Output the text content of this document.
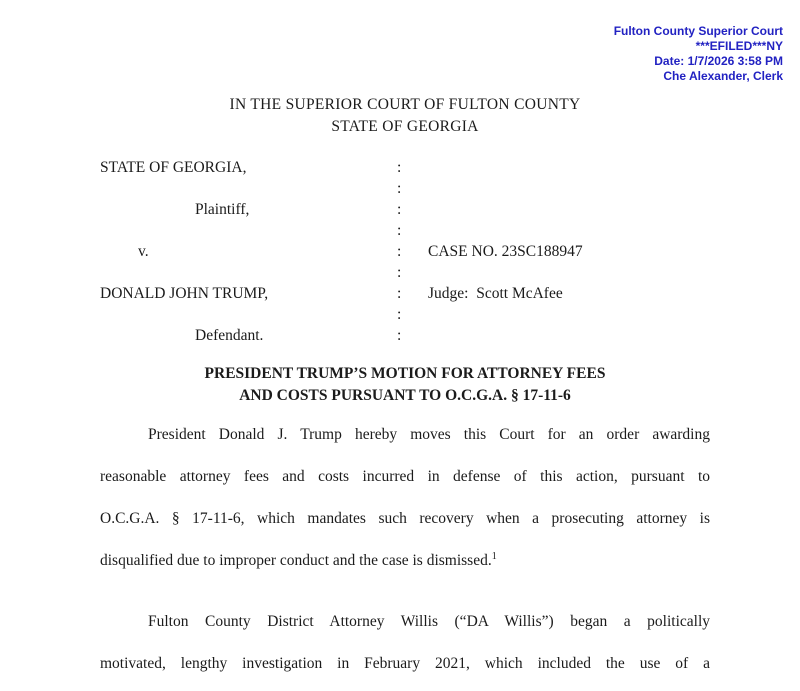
Fulton County Superior Court
***EFILED***NY
Date: 1/7/2026 3:58 PM
Che Alexander, Clerk
IN THE SUPERIOR COURT OF FULTON COUNTY
STATE OF GEORGIA
STATE OF GEORGIA,	:
:
Plaintiff,	:
:
v.	: CASE NO. 23SC188947
:
DONALD JOHN TRUMP,	: Judge:  Scott McAfee
:
Defendant.	:
PRESIDENT TRUMP’S MOTION FOR ATTORNEY FEES
AND COSTS PURSUANT TO O.C.G.A. § 17-11-6
President Donald J. Trump hereby moves this Court for an order awarding
reasonable attorney fees and costs incurred in defense of this action, pursuant to
O.C.G.A. § 17-11-6, which mandates such recovery when a prosecuting attorney is
disqualified due to improper conduct and the case is dismissed.$^1$
Fulton County District Attorney Willis (“DA Willis”) began a politically
motivated, lengthy investigation in February 2021, which included the use of a
